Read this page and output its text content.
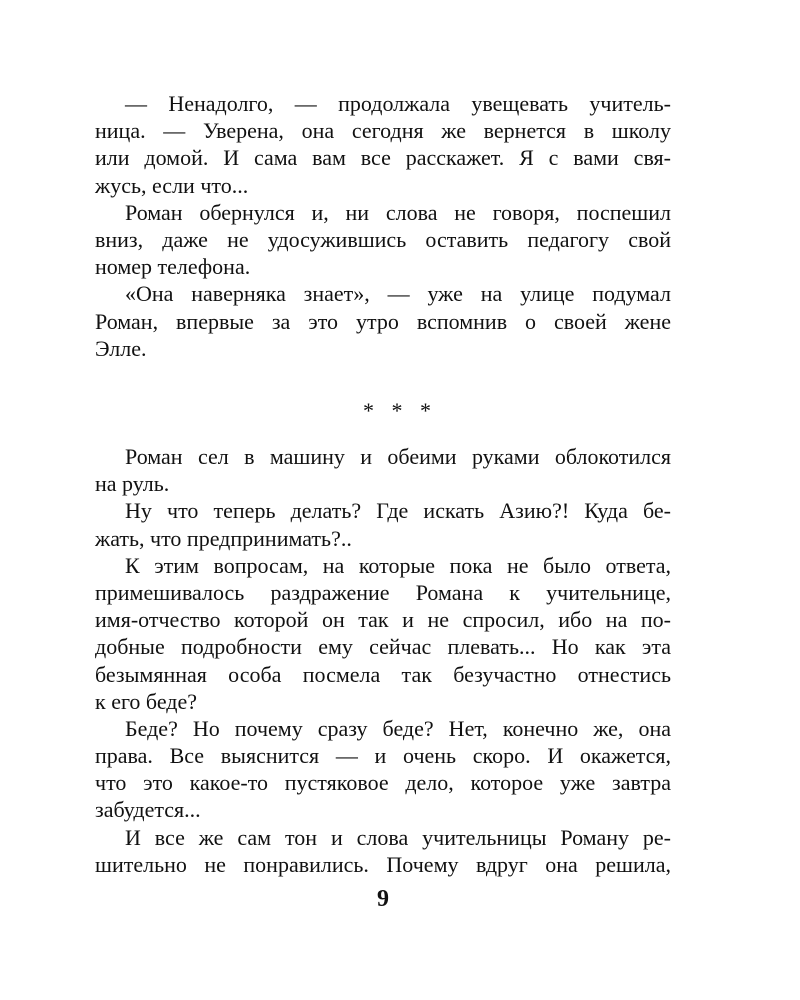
— Ненадолго, — продолжала увещевать учитель-
ница. — Уверена, она сегодня же вернется в школу
или домой. И сама вам все расскажет. Я с вами свя-
жусь, если что...
Роман обернулся и, ни слова не говоря, поспешил
вниз, даже не удосужившись оставить педагогу свой
номер телефона.
«Она наверняка знает», — уже на улице подумал
Роман, впервые за это утро вспомнив о своей жене
Элле.
* * *
Роман сел в машину и обеими руками облокотился
на руль.
Ну что теперь делать? Где искать Азию?! Куда бе-
жать, что предпринимать?..
К этим вопросам, на которые пока не было ответа,
примешивалось раздражение Романа к учительнице,
имя-отчество которой он так и не спросил, ибо на по-
добные подробности ему сейчас плевать... Но как эта
безымянная особа посмела так безучастно отнестись
к его беде?
Беде? Но почему сразу беде? Нет, конечно же, она
права. Все выяснится — и очень скоро. И окажется,
что это какое-то пустяковое дело, которое уже завтра
забудется...
И все же сам тон и слова учительницы Роману ре-
шительно не понравились. Почему вдруг она решила,
9
